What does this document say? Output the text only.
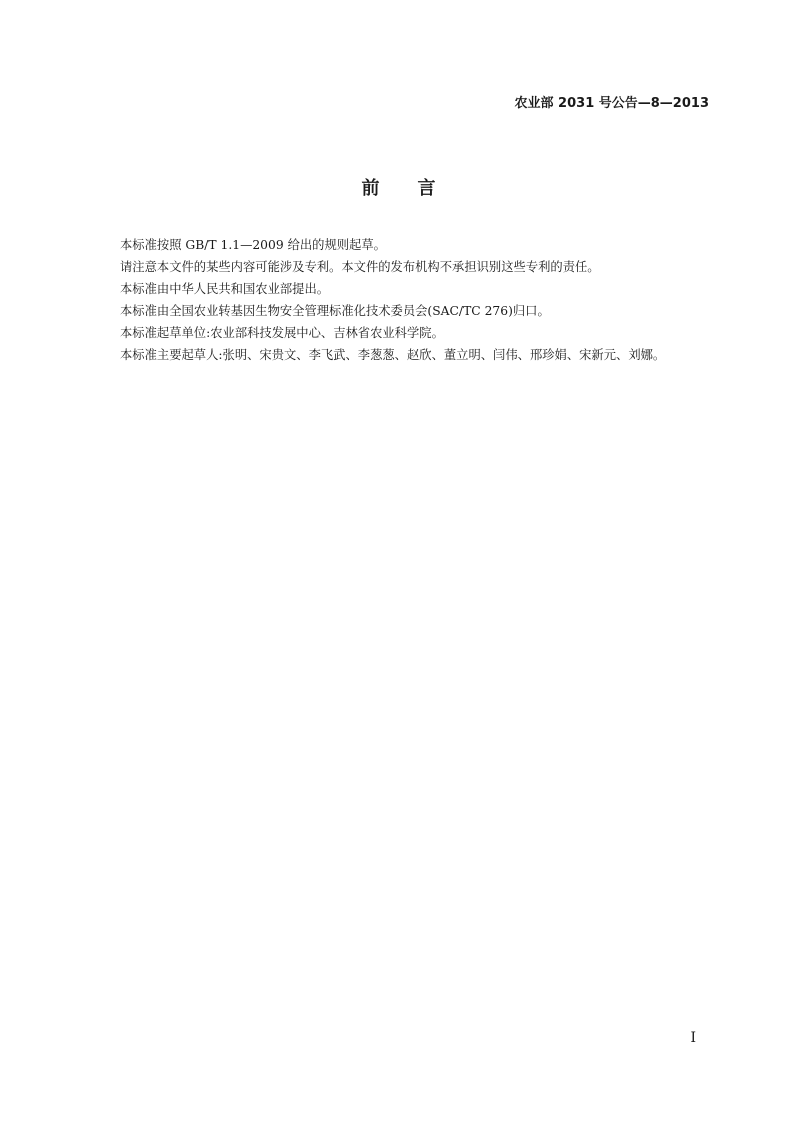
农业部 2031 号公告—8—2013
前言

本标准按照 GB/T 1.1—2009 给出的规则起草。

请注意本文件的某些内容可能涉及专利。本文件的发布机构不承担识别这些专利的责任。

本标准由中华人民共和国农业部提出。

本标准由全国农业转基因生物安全管理标准化技术委员会(SAC/TC 276)归口。

本标准起草单位:农业部科技发展中心、吉林省农业科学院。

本标准主要起草人:张明、宋贵文、李飞武、李葱葱、赵欣、董立明、闫伟、邢珍娟、宋新元、刘娜。

I
